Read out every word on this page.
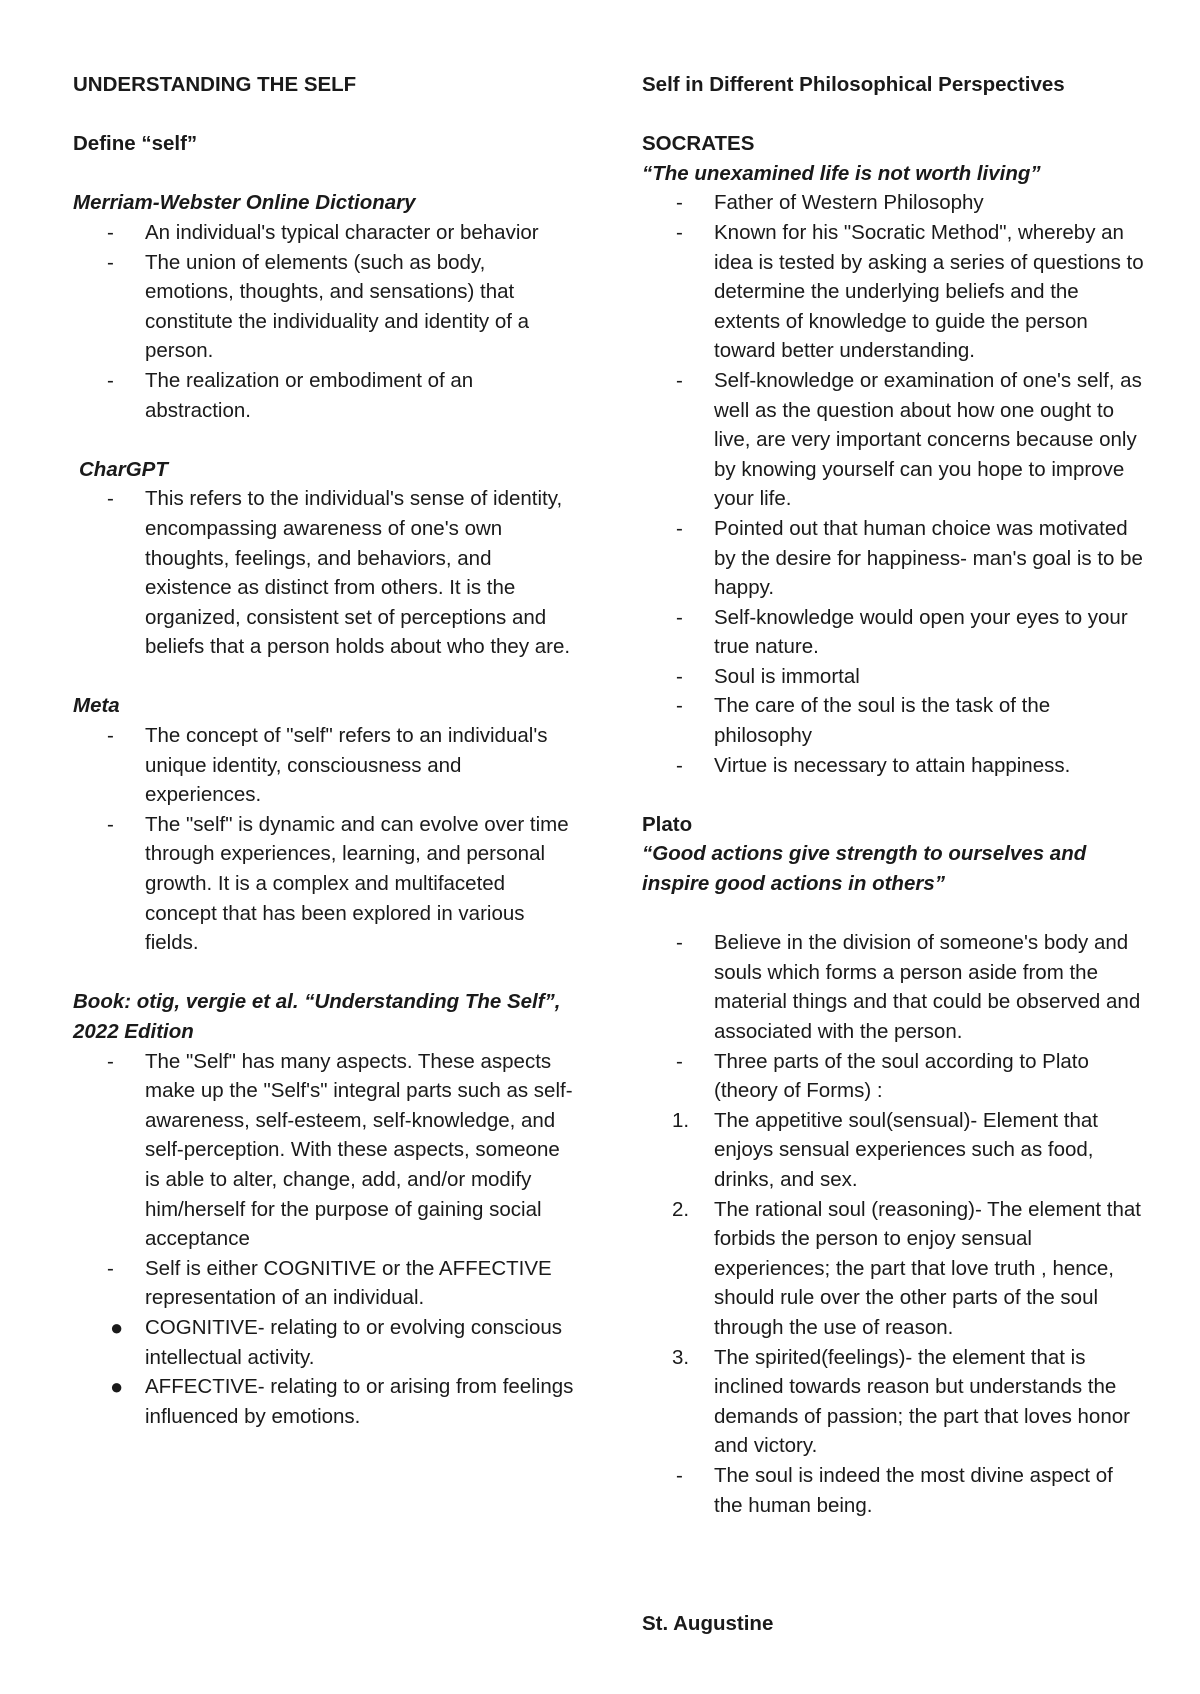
UNDERSTANDING THE SELF
Define “self”
Merriam-Webster Online Dictionary
- An individual's typical character or behavior
- The union of elements (such as body, emotions, thoughts, and sensations) that constitute the individuality and identity of a person.
- The realization or embodiment of an abstraction.
CharGPT
- This refers to the individual's sense of identity, encompassing awareness of one's own thoughts, feelings, and behaviors, and existence as distinct from others. It is the organized, consistent set of perceptions and beliefs that a person holds about who they are.
Meta
- The concept of "self" refers to an individual's unique identity, consciousness and experiences.
- The "self" is dynamic and can evolve over time through experiences, learning, and personal growth. It is a complex and multifaceted concept that has been explored in various fields.
Book: otig, vergie et al. “Understanding The Self”, 2022 Edition
- The "Self" has many aspects. These aspects make up the "Self's" integral parts such as self-awareness, self-esteem, self-knowledge, and self-perception. With these aspects, someone is able to alter, change, add, and/or modify him/herself for the purpose of gaining social acceptance
- Self is either COGNITIVE or the AFFECTIVE representation of an individual.
● COGNITIVE- relating to or evolving conscious intellectual activity.
● AFFECTIVE- relating to or arising from feelings influenced by emotions.
Self in Different Philosophical Perspectives
SOCRATES
“The unexamined life is not worth living”
- Father of Western Philosophy
- Known for his "Socratic Method", whereby an idea is tested by asking a series of questions to determine the underlying beliefs and the extents of knowledge to guide the person toward better understanding.
- Self-knowledge or examination of one's self, as well as the question about how one ought to live, are very important concerns because only by knowing yourself can you hope to improve your life.
- Pointed out that human choice was motivated by the desire for happiness- man's goal is to be happy.
- Self-knowledge would open your eyes to your true nature.
- Soul is immortal
- The care of the soul is the task of the philosophy
- Virtue is necessary to attain happiness.
Plato
“Good actions give strength to ourselves and inspire good actions in others”
- Believe in the division of someone's body and souls which forms a person aside from the material things and that could be observed and associated with the person.
- Three parts of the soul according to Plato (theory of Forms) :
1. The appetitive soul(sensual)- Element that enjoys sensual experiences such as food, drinks, and sex.
2. The rational soul (reasoning)- The element that forbids the person to enjoy sensual experiences; the part that love truth , hence, should rule over the other parts of the soul through the use of reason.
3. The spirited(feelings)- the element that is inclined towards reason but understands the demands of passion; the part that loves honor and victory.
- The soul is indeed the most divine aspect of the human being.
St. Augustine
